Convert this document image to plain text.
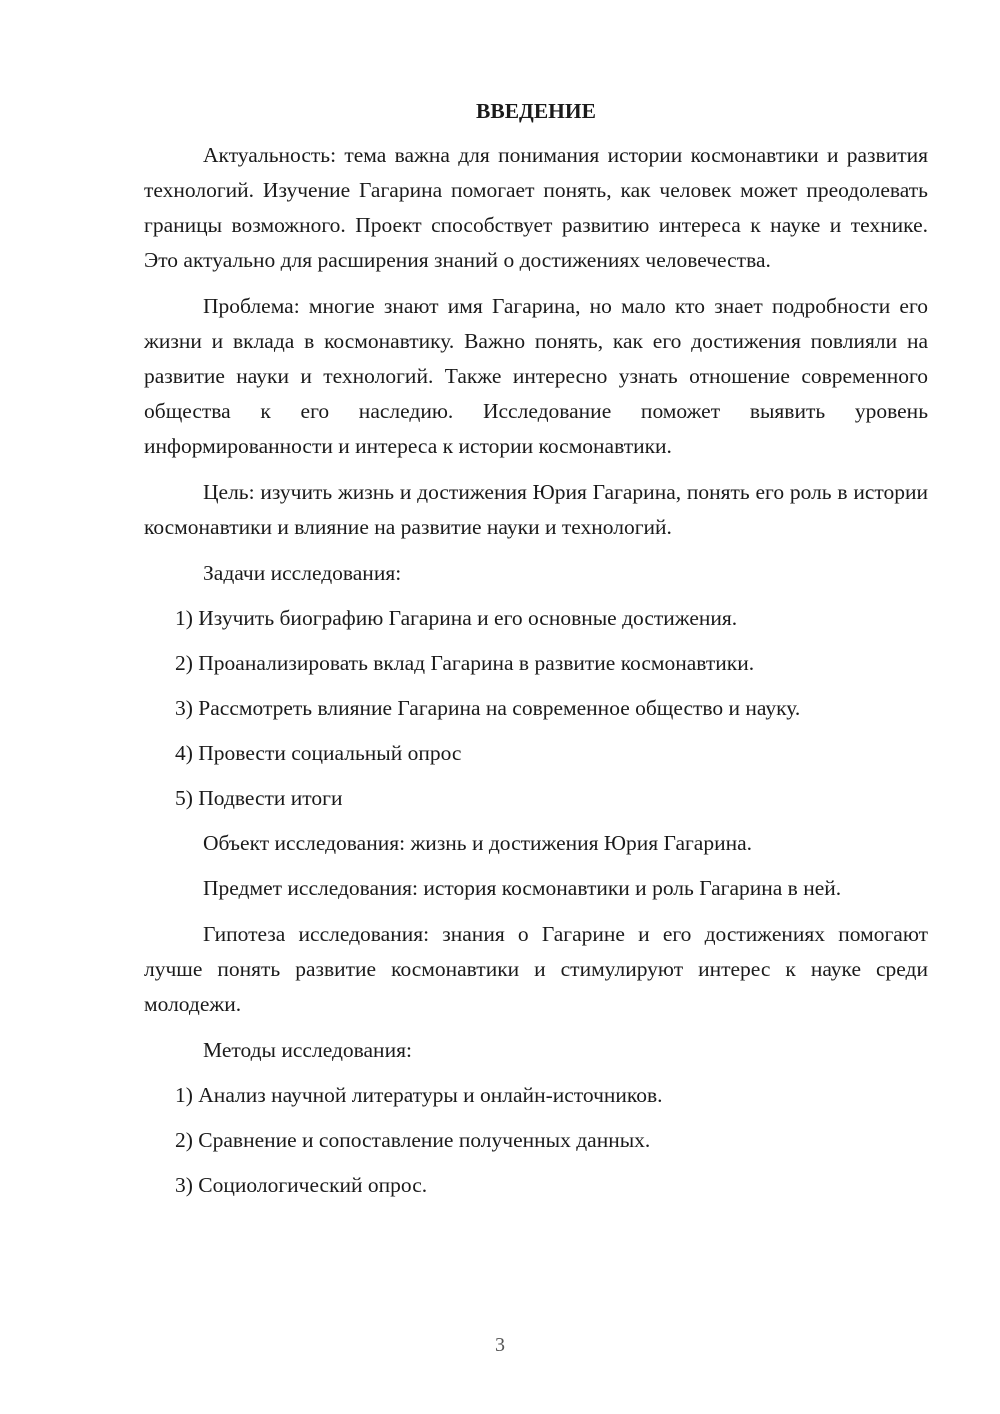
ВВЕДЕНИЕ

Актуальность: тема важна для понимания истории космонавтики и развития технологий. Изучение Гагарина помогает понять, как человек может преодолевать границы возможного. Проект способствует развитию интереса к науке и технике. Это актуально для расширения знаний о достижениях человечества.

Проблема: многие знают имя Гагарина, но мало кто знает подробности его жизни и вклада в космонавтику. Важно понять, как его достижения повлияли на развитие науки и технологий. Также интересно узнать отношение современного общества к его наследию. Исследование поможет выявить уровень информированности и интереса к истории космонавтики.

Цель: изучить жизнь и достижения Юрия Гагарина, понять его роль в истории космонавтики и влияние на развитие науки и технологий.

Задачи исследования:

1) Изучить биографию Гагарина и его основные достижения.

2) Проанализировать вклад Гагарина в развитие космонавтики.

3) Рассмотреть влияние Гагарина на современное общество и науку.

4) Провести социальный опрос

5) Подвести итоги

Объект исследования: жизнь и достижения Юрия Гагарина.

Предмет исследования: история космонавтики и роль Гагарина в ней.

Гипотеза исследования: знания о Гагарине и его достижениях помогают лучше понять развитие космонавтики и стимулируют интерес к науке среди молодежи.

Методы исследования:

1) Анализ научной литературы и онлайн-источников.

2) Сравнение и сопоставление полученных данных.

3) Социологический опрос.

3
